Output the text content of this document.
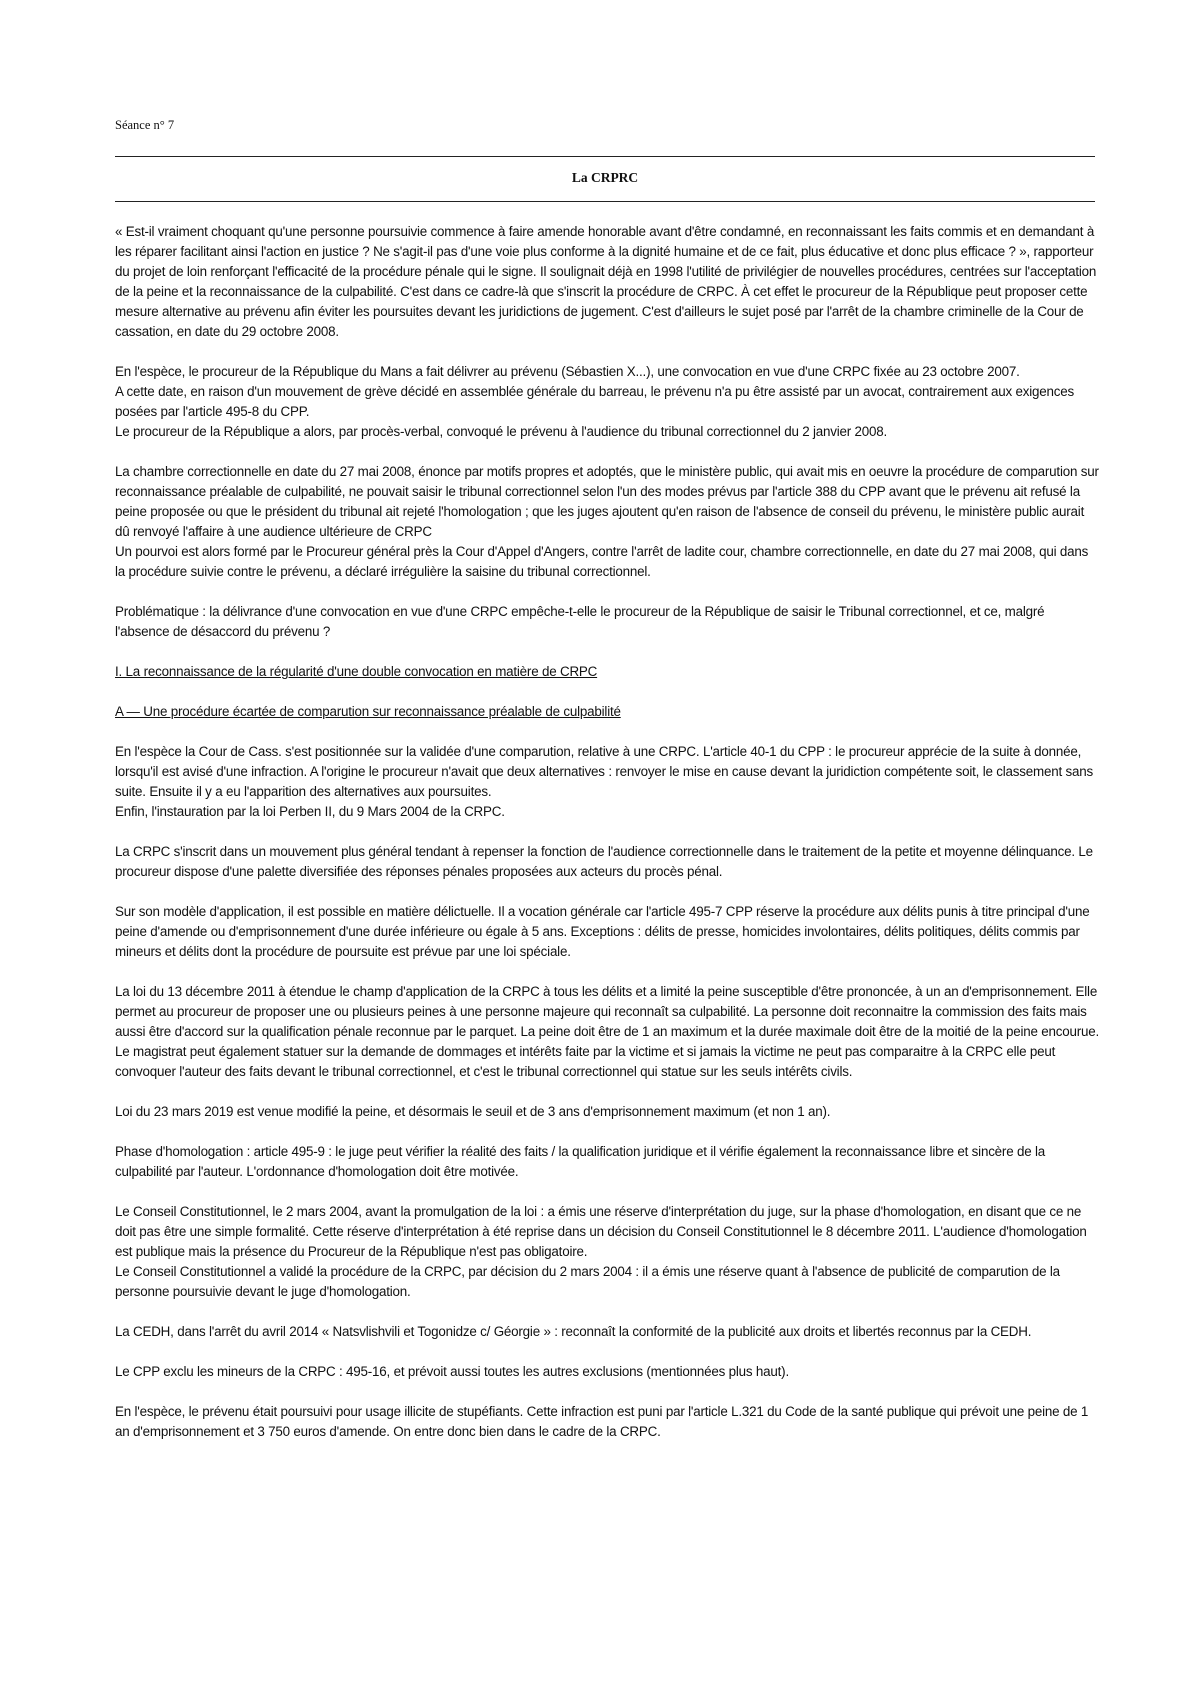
Séance n° 7
La CRPRC

« Est-il vraiment choquant qu'une personne poursuivie commence à faire amende honorable avant d'être condamné, en reconnaissant les faits commis et en demandant à les réparer facilitant ainsi l'action en justice ? Ne s'agit-il pas d'une voie plus conforme à la dignité humaine et de ce fait, plus éducative et donc plus efficace ? », rapporteur du projet de loin renforçant l'efficacité de la procédure pénale qui le signe. Il soulignait déjà en 1998 l'utilité de privilégier de nouvelles procédures, centrées sur l'acceptation de la peine et la reconnaissance de la culpabilité. C'est dans ce cadre-là que s'inscrit la procédure de CRPC. À cet effet le procureur de la République peut proposer cette mesure alternative au prévenu afin éviter les poursuites devant les juridictions de jugement. C'est d'ailleurs le sujet posé par l'arrêt de la chambre criminelle de la Cour de cassation, en date du 29 octobre 2008.

En l'espèce, le procureur de la République du Mans a fait délivrer au prévenu (Sébastien X...), une convocation en vue d'une CRPC fixée au 23 octobre 2007.
A cette date, en raison d'un mouvement de grève décidé en assemblée générale du barreau, le prévenu n'a pu être assisté par un avocat, contrairement aux exigences posées par l'article 495-8 du CPP.
Le procureur de la République a alors, par procès-verbal, convoqué le prévenu à l'audience du tribunal correctionnel du 2 janvier 2008.

La chambre correctionnelle en date du 27 mai 2008, énonce par motifs propres et adoptés, que le ministère public, qui avait mis en oeuvre la procédure de comparution sur reconnaissance préalable de culpabilité, ne pouvait saisir le tribunal correctionnel selon l'un des modes prévus par l'article 388 du CPP avant que le prévenu ait refusé la peine proposée ou que le président du tribunal ait rejeté l'homologation ; que les juges ajoutent qu'en raison de l'absence de conseil du prévenu, le ministère public aurait dû renvoyé l'affaire à une audience ultérieure de CRPC
Un pourvoi est alors formé par le Procureur général près la Cour d'Appel d'Angers, contre l'arrêt de ladite cour, chambre correctionnelle, en date du 27 mai 2008, qui dans la procédure suivie contre le prévenu, a déclaré irrégulière la saisine du tribunal correctionnel.

Problématique : la délivrance d'une convocation en vue d'une CRPC empêche-t-elle le procureur de la République de saisir le Tribunal correctionnel, et ce, malgré l'absence de désaccord du prévenu ?

I. La reconnaissance de la régularité d'une double convocation en matière de CRPC

A — Une procédure écartée de comparution sur reconnaissance préalable de culpabilité

En l'espèce la Cour de Cass. s'est positionnée sur la validée d'une comparution, relative à une CRPC. L'article 40-1 du CPP : le procureur apprécie de la suite à donnée, lorsqu'il est avisé d'une infraction. A l'origine le procureur n'avait que deux alternatives : renvoyer le mise en cause devant la juridiction compétente soit, le classement sans suite. Ensuite il y a eu l'apparition des alternatives aux poursuites.
Enfin, l'instauration par la loi Perben II, du 9 Mars 2004 de la CRPC.

La CRPC s'inscrit dans un mouvement plus général tendant à repenser la fonction de l'audience correctionnelle dans le traitement de la petite et moyenne délinquance. Le procureur dispose d'une palette diversifiée des réponses pénales proposées aux acteurs du procès pénal.

Sur son modèle d'application, il est possible en matière délictuelle. Il a vocation générale car l'article 495-7 CPP réserve la procédure aux délits punis à titre principal d'une peine d'amende ou d'emprisonnement d'une durée inférieure ou égale à 5 ans. Exceptions : délits de presse, homicides involontaires, délits politiques, délits commis par mineurs et délits dont la procédure de poursuite est prévue par une loi spéciale.

La loi du 13 décembre 2011 à étendue le champ d'application de la CRPC à tous les délits et a limité la peine susceptible d'être prononcée, à un an d'emprisonnement. Elle permet au procureur de proposer une ou plusieurs peines à une personne majeure qui reconnaît sa culpabilité. La personne doit reconnaitre la commission des faits mais aussi être d'accord sur la qualification pénale reconnue par le parquet. La peine doit être de 1 an maximum et la durée maximale doit être de la moitié de la peine encourue.
Le magistrat peut également statuer sur la demande de dommages et intérêts faite par la victime et si jamais la victime ne peut pas comparaitre à la CRPC elle peut convoquer l'auteur des faits devant le tribunal correctionnel, et c'est le tribunal correctionnel qui statue sur les seuls intérêts civils.

Loi du 23 mars 2019 est venue modifié la peine, et désormais le seuil et de 3 ans d'emprisonnement maximum (et non 1 an).

Phase d'homologation : article 495-9 : le juge peut vérifier la réalité des faits / la qualification juridique et il vérifie également la reconnaissance libre et sincère de la culpabilité par l'auteur. L'ordonnance d'homologation doit être motivée.

Le Conseil Constitutionnel, le 2 mars 2004, avant la promulgation de la loi : a émis une réserve d'interprétation du juge, sur la phase d'homologation, en disant que ce ne doit pas être une simple formalité. Cette réserve d'interprétation à été reprise dans un décision du Conseil Constitutionnel le 8 décembre 2011. L'audience d'homologation est publique mais la présence du Procureur de la République n'est pas obligatoire.
Le Conseil Constitutionnel a validé la procédure de la CRPC, par décision du 2 mars 2004 : il a émis une réserve quant à l'absence de publicité de comparution de la personne poursuivie devant le juge d'homologation.

La CEDH, dans l'arrêt du avril 2014 « Natsvlishvili et Togonidze c/ Géorgie » : reconnaît la conformité de la publicité aux droits et libertés reconnus par la CEDH.

Le CPP exclu les mineurs de la CRPC : 495-16, et prévoit aussi toutes les autres exclusions (mentionnées plus haut).

En l'espèce, le prévenu était poursuivi pour usage illicite de stupéfiants. Cette infraction est puni par l'article L.321 du Code de la santé publique qui prévoit une peine de 1 an d'emprisonnement et 3 750 euros d'amende. On entre donc bien dans le cadre de la CRPC.
